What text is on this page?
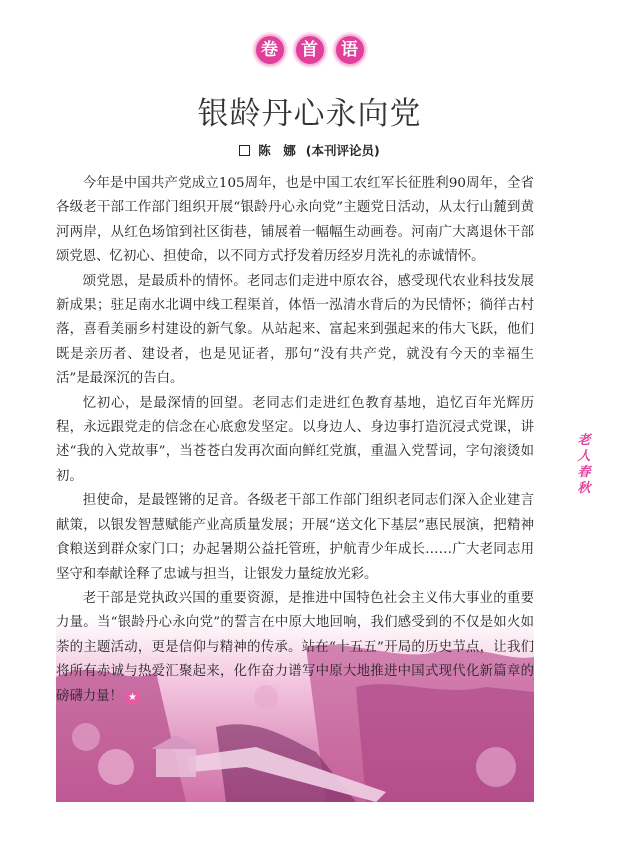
卷	首	语
银龄丹心永向党
陈　娜 (本刊评论员)

今年是中国共产党成立105周年，也是中国工农红军长征胜利90周年，全省各级老干部工作部门组织开展“银龄丹心永向党”主题党日活动，从太行山麓到黄河两岸，从红色场馆到社区街巷，铺展着一幅幅生动画卷。河南广大离退休干部颂党恩、忆初心、担使命，以不同方式抒发着历经岁月洗礼的赤诚情怀。

颂党恩，是最质朴的情怀。老同志们走进中原农谷，感受现代农业科技发展新成果；驻足南水北调中线工程渠首，体悟一泓清水背后的为民情怀；徜徉古村落，喜看美丽乡村建设的新气象。从站起来、富起来到强起来的伟大飞跃，他们既是亲历者、建设者，也是见证者，那句“没有共产党，就没有今天的幸福生活”是最深沉的告白。

忆初心，是最深情的回望。老同志们走进红色教育基地，追忆百年光辉历程，永远跟党走的信念在心底愈发坚定。以身边人、身边事打造沉浸式党课，讲述“我的入党故事”，当苍苍白发再次面向鲜红党旗，重温入党誓词，字句滚烫如初。

担使命，是最铿锵的足音。各级老干部工作部门组织老同志们深入企业建言献策，以银发智慧赋能产业高质量发展；开展“送文化下基层”惠民展演，把精神食粮送到群众家门口；办起暑期公益托管班，护航青少年成长……广大老同志用坚守和奉献诠释了忠诚与担当，让银发力量绽放光彩。

老干部是党执政兴国的重要资源，是推进中国特色社会主义伟大事业的重要力量。当“银龄丹心永向党”的誓言在中原大地回响，我们感受到的不仅是如火如荼的主题活动，更是信仰与精神的传承。站在“十五五”开局的历史节点，让我们将所有赤诚与热爱汇聚起来，化作奋力谱写中原大地推进中国式现代化新篇章的磅礴力量！ ★

老
人
春
秋
